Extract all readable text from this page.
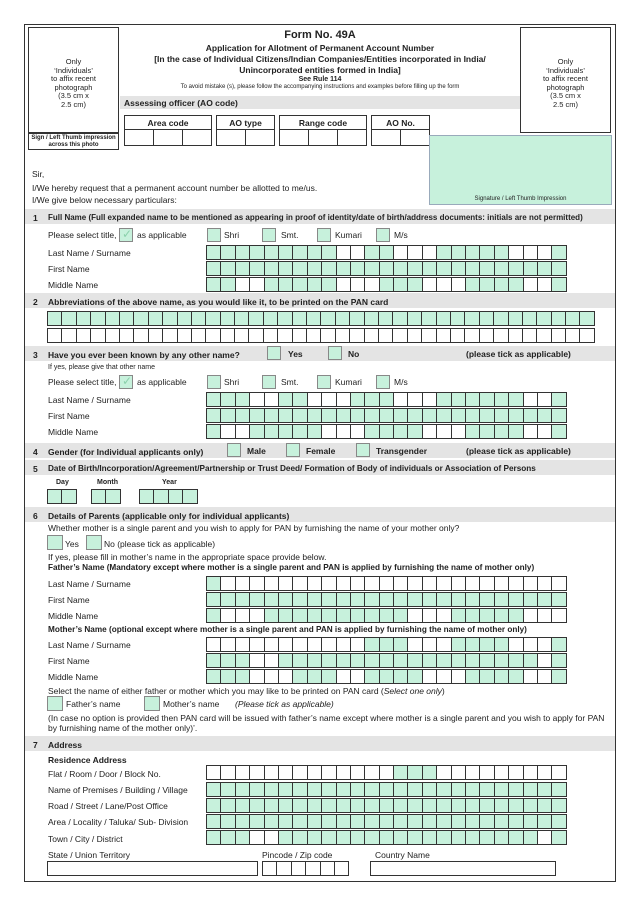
Only
‘Individuals’
to affix recent
photograph
(3.5 cm x
2.5 cm)
Sign / Left Thumb impression
across this photo
Only
‘Individuals’
to affix recent
photograph
(3.5 cm x
2.5 cm)
Form No. 49A
Application for Allotment of Permanent Account Number
[In the case of Individual Citizens/Indian Companies/Entities incorporated in India/
Unincorporated entities formed in India]
See Rule 114
To avoid mistake (s), please follow the accompanying instructions and examples before filling up the form
Assessing officer (AO code)
Area code	AO type	Range code	AO No.
Signature / Left Thumb Impression
Sir,
I/We hereby request that a permanent account number be allotted to me/us.
I/We give below necessary particulars:
1 Full Name (Full expanded name to be mentioned as appearing in proof of identity/date of birth/address documents: initials are not permitted)
Please select title, ✓ as applicable	Shri	Smt.	Kumari	M/s
Last Name / Surname
First Name
Middle Name
2 Abbreviations of the above name, as you would like it, to be printed on the PAN card
3 Have you ever been known by any other name?	Yes	No	(please tick as applicable)
If yes, please give that other name
Please select title, ✓ as applicable	Shri	Smt.	Kumari	M/s
Last Name / Surname
First Name
Middle Name
4 Gender (for Individual applicants only)	Male	Female	Transgender	(please tick as applicable)
5 Date of Birth/Incorporation/Agreement/Partnership or Trust Deed/ Formation of Body of individuals or Association of Persons
Day	Month	Year
6 Details of Parents (applicable only for individual applicants)
Whether mother is a single parent and you wish to apply for PAN by furnishing the name of your mother only?
Yes	No (please tick as applicable)
If yes, please fill in mother’s name in the appropriate space provide below.
Father’s Name (Mandatory except where mother is a single parent and PAN is applied by furnishing the name of mother only)
Last Name / Surname
First Name
Middle Name
Mother’s Name (optional except where mother is a single parent and PAN is applied by furnishing the name of mother only)
Last Name / Surname
First Name
Middle Name
Select the name of either father or mother which you may like to be printed on PAN card (Select one only)
Father’s name	Mother’s name (Please tick as applicable)
(In case no option is provided then PAN card will be issued with father’s name except where mother is a single parent and you wish to apply for PAN
by furnishing name of the mother only)’.
7 Address
Residence Address
Flat / Room / Door / Block No.
Name of Premises / Building / Village
Road / Street / Lane/Post Office
Area / Locality / Taluka/ Sub- Division
Town / City / District
State / Union Territory	Pincode / Zip code	Country Name
